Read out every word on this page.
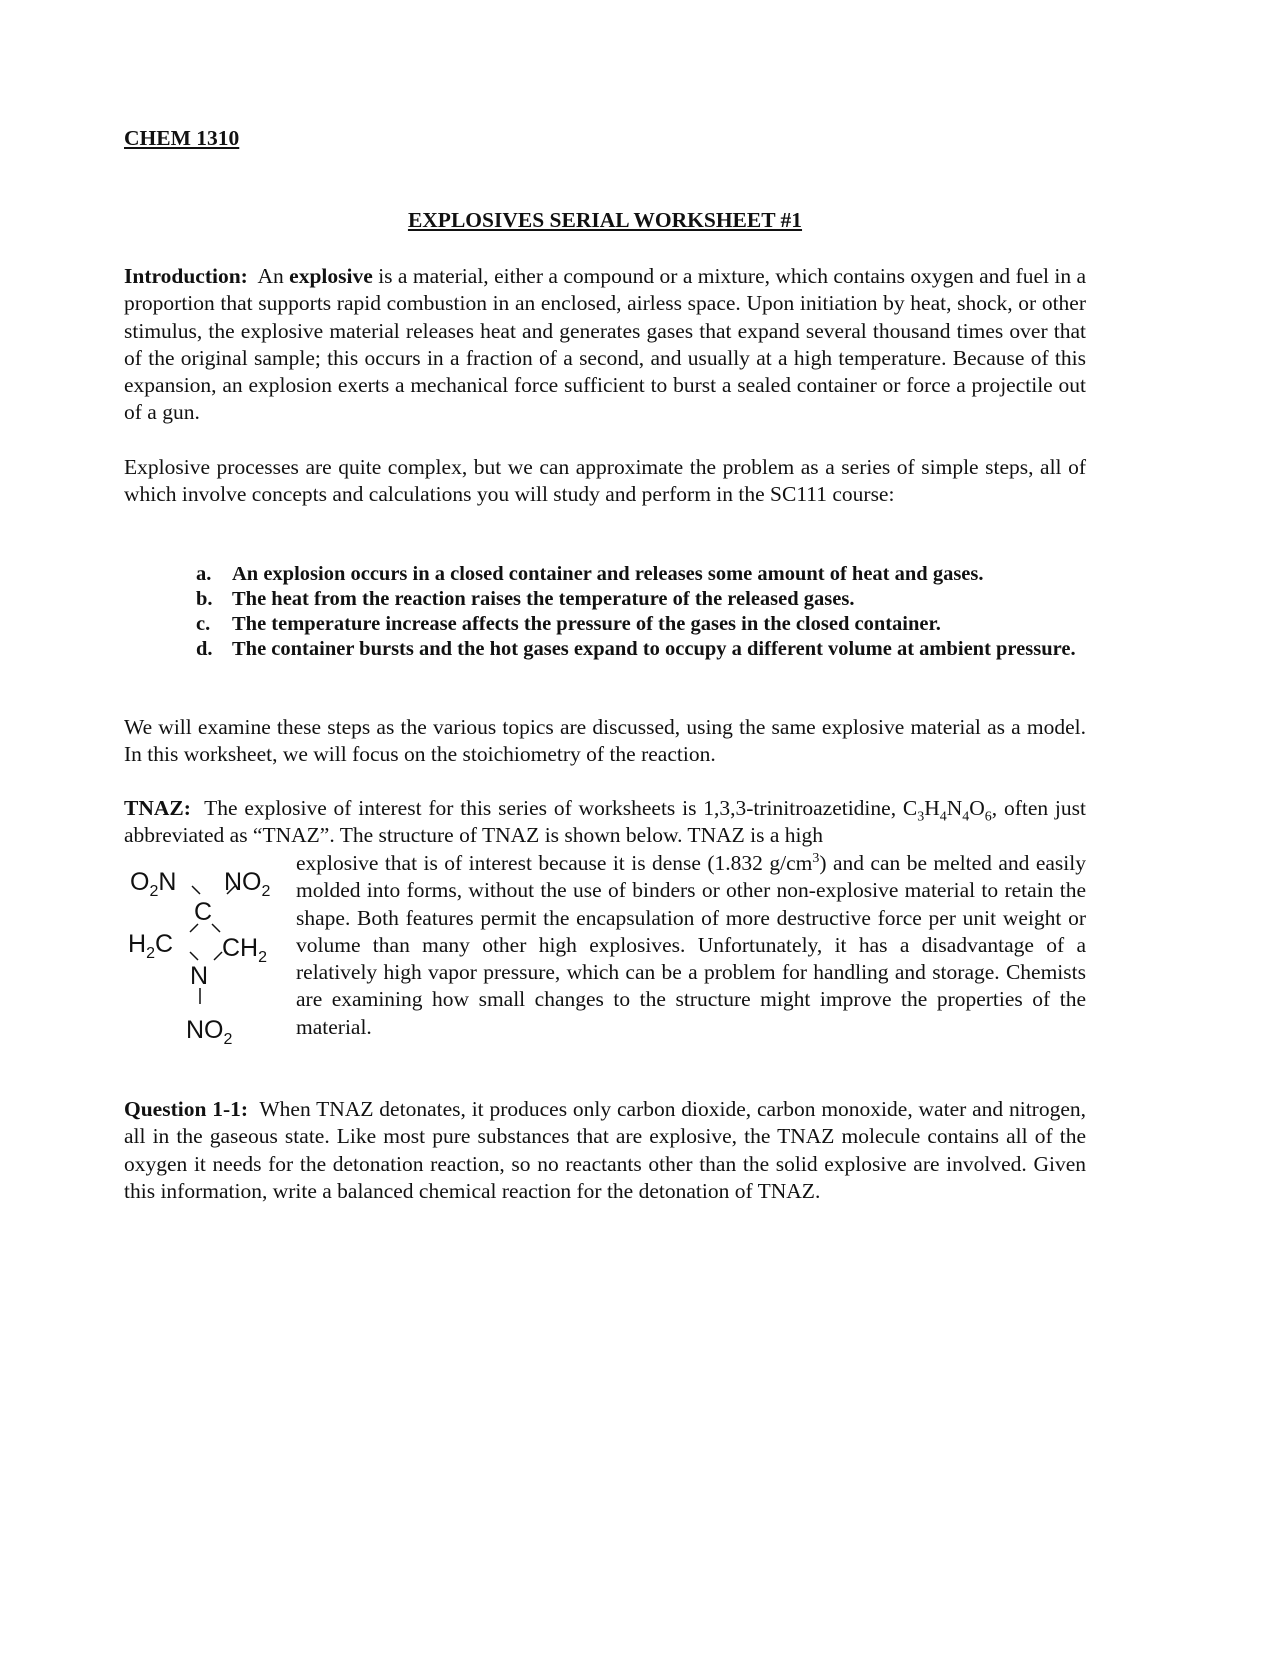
CHEM 1310
EXPLOSIVES SERIAL WORKSHEET #1

Introduction: An explosive is a material, either a compound or a mixture, which contains oxygen and fuel in a proportion that supports rapid combustion in an enclosed, airless space. Upon initiation by heat, shock, or other stimulus, the explosive material releases heat and generates gases that expand several thousand times over that of the original sample; this occurs in a fraction of a second, and usually at a high temperature. Because of this expansion, an explosion exerts a mechanical force sufficient to burst a sealed container or force a projectile out of a gun.

Explosive processes are quite complex, but we can approximate the problem as a series of simple steps, all of which involve concepts and calculations you will study and perform in the SC111 course:

a.	An explosion occurs in a closed container and releases some amount of heat and gases.
b. The heat from the reaction raises the temperature of the released gases.
c.	The temperature increase affects the pressure of the gases in the closed container.
d. The container bursts and the hot gases expand to occupy a different volume at ambient pressure.

We will examine these steps as the various topics are discussed, using the same explosive material as a model. In this worksheet, we will focus on the stoichiometry of the reaction.

TNAZ: The explosive of interest for this series of worksheets is 1,3,3-trinitroazetidine, $C_3H_4N_4O_6$, often just abbreviated as “TNAZ”. The structure of TNAZ is shown below. TNAZ is a high

$O_2N$ $NO_2$
C
$H_2C$ $CH_2$
N
$NO_2$

explosive that is of interest because it is dense (1.832 $g/cm^3$) and can be melted and easily molded into forms, without the use of binders or other non-explosive material to retain the shape. Both features permit the encapsulation of more destructive force per unit weight or volume than many other high explosives. Unfortunately, it has a disadvantage of a relatively high vapor pressure, which can be a problem for handling and storage. Chemists are examining how small changes to the structure might improve the properties of the material.

Question 1-1: When TNAZ detonates, it produces only carbon dioxide, carbon monoxide, water and nitrogen, all in the gaseous state. Like most pure substances that are explosive, the TNAZ molecule contains all of the oxygen it needs for the detonation reaction, so no reactants other than the solid explosive are involved. Given this information, write a balanced chemical reaction for the detonation of TNAZ.
